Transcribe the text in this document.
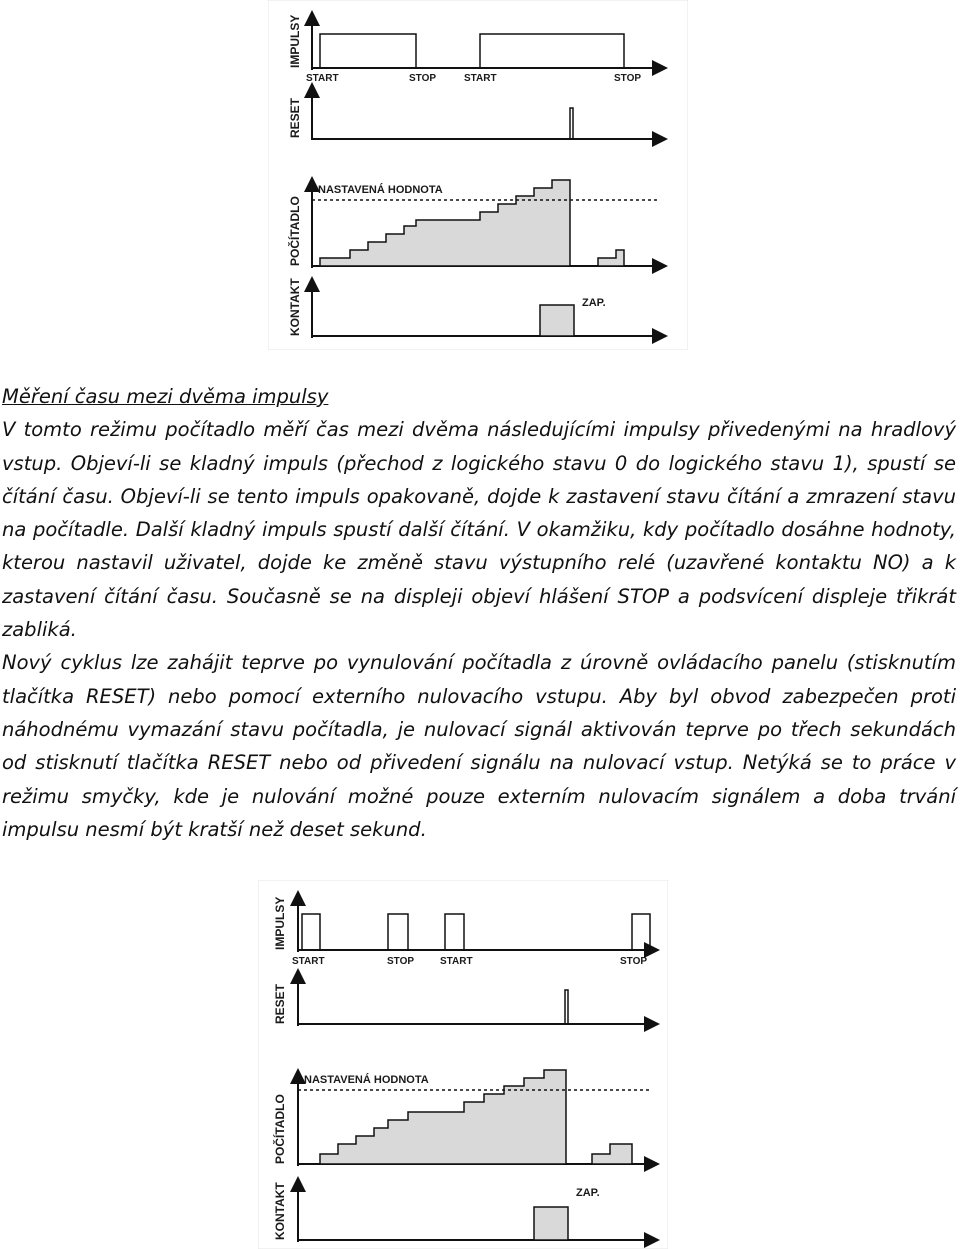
IMPULSY
RESET
POČÍTADLO
KONTAKT
START	STOP	START	STOP
NASTAVENÁ HODNOTA
ZAP.
Měření času mezi dvěma impulsy

V tomto režimu počítadlo měří čas mezi dvěma následujícími impulsy přivedenými na hradlový vstup. Objeví-li se kladný impuls (přechod z logického stavu 0 do logického stavu 1), spustí se čítání času. Objeví-li se tento impuls opakovaně, dojde k zastavení stavu čítání a zmrazení stavu na počítadle. Další kladný impuls spustí další čítání. V okamžiku, kdy počítadlo dosáhne hodnoty, kterou nastavil uživatel, dojde ke změně stavu výstupního relé (uzavřené kontaktu NO) a k zastavení čítání času. Současně se na displeji objeví hlášení STOP a podsvícení displeje třikrát zabliká.

Nový cyklus lze zahájit teprve po vynulování počítadla z úrovně ovládacího panelu (stisknutím tlačítka RESET) nebo pomocí externího nulovacího vstupu. Aby byl obvod zabezpečen proti náhodnému vymazání stavu počítadla, je nulovací signál aktivován teprve po třech sekundách od stisknutí tlačítka RESET nebo od přivedení signálu na nulovací vstup. Netýká se to práce v režimu smyčky, kde je nulování možné pouze externím nulovacím signálem a doba trvání impulsu nesmí být kratší než deset sekund.

IMPULSY
RESET
POČÍTADLO
KONTAKT
START	STOP	START	STOP
NASTAVENÁ HODNOTA
ZAP.
